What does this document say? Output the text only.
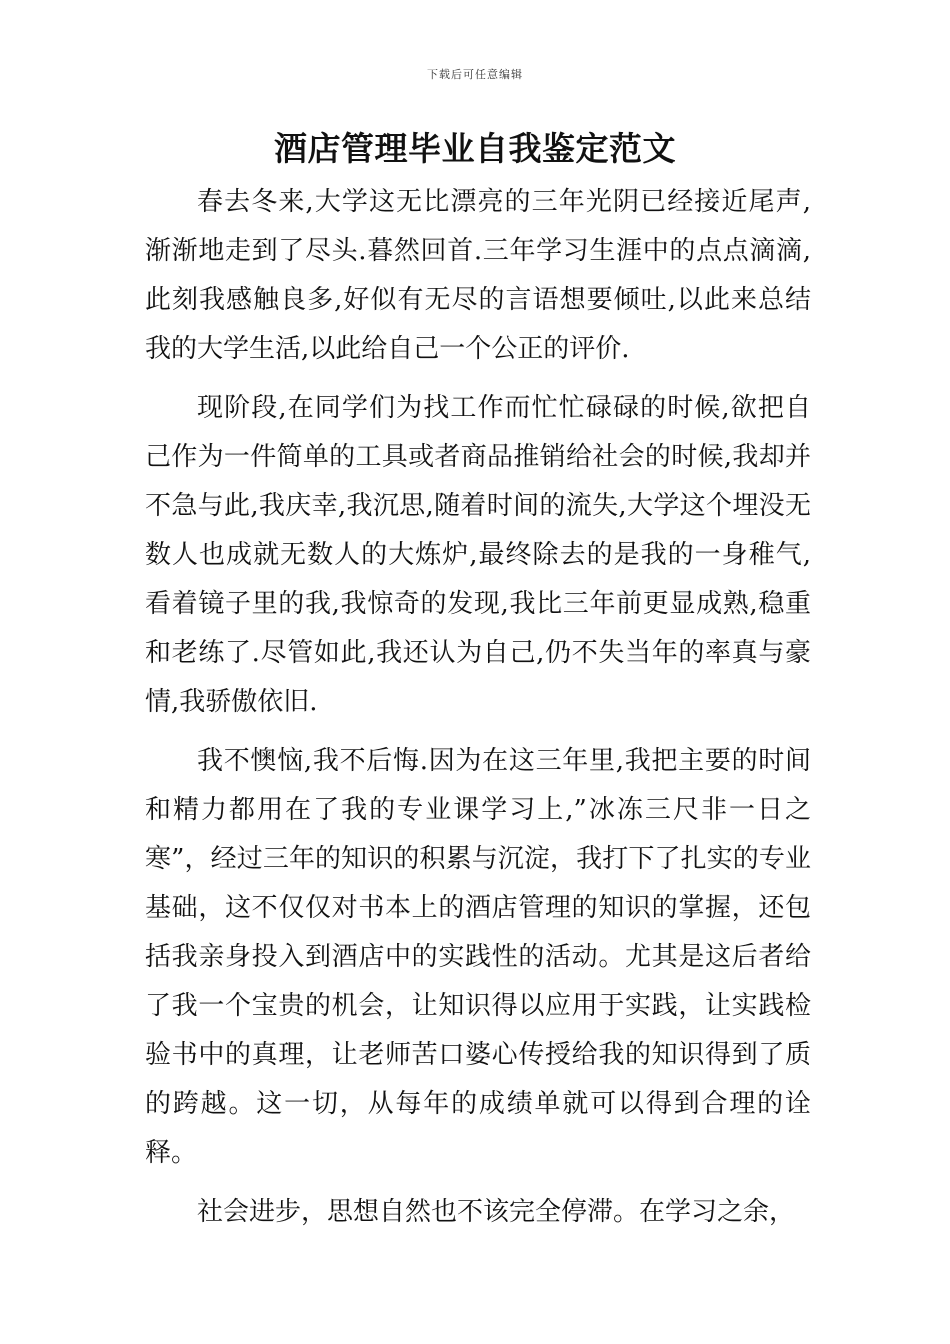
下载后可任意编辑
酒店管理毕业自我鉴定范文

春去冬来,大学这无比漂亮的三年光阴已经接近尾声,渐渐地走到了尽头.暮然回首.三年学习生涯中的点点滴滴,此刻我感触良多,好似有无尽的言语想要倾吐,以此来总结我的大学生活,以此给自己一个公正的评价.

现阶段,在同学们为找工作而忙忙碌碌的时候,欲把自己作为一件简单的工具或者商品推销给社会的时候,我却并不急与此,我庆幸,我沉思,随着时间的流失,大学这个埋没无数人也成就无数人的大炼炉,最终除去的是我的一身稚气,看着镜子里的我,我惊奇的发现,我比三年前更显成熟,稳重和老练了.尽管如此,我还认为自己,仍不失当年的率真与豪情,我骄傲依旧.

我不懊恼,我不后悔.因为在这三年里,我把主要的时间和精力都用在了我的专业课学习上,”冰冻三尺非一日之寒”，经过三年的知识的积累与沉淀，我打下了扎实的专业基础，这不仅仅对书本上的酒店管理的知识的掌握，还包括我亲身投入到酒店中的实践性的活动。尤其是这后者给了我一个宝贵的机会，让知识得以应用于实践，让实践检验书中的真理，让老师苦口婆心传授给我的知识得到了质的跨越。这一切，从每年的成绩单就可以得到合理的诠释。

社会进步，思想自然也不该完全停滞。在学习之余，
